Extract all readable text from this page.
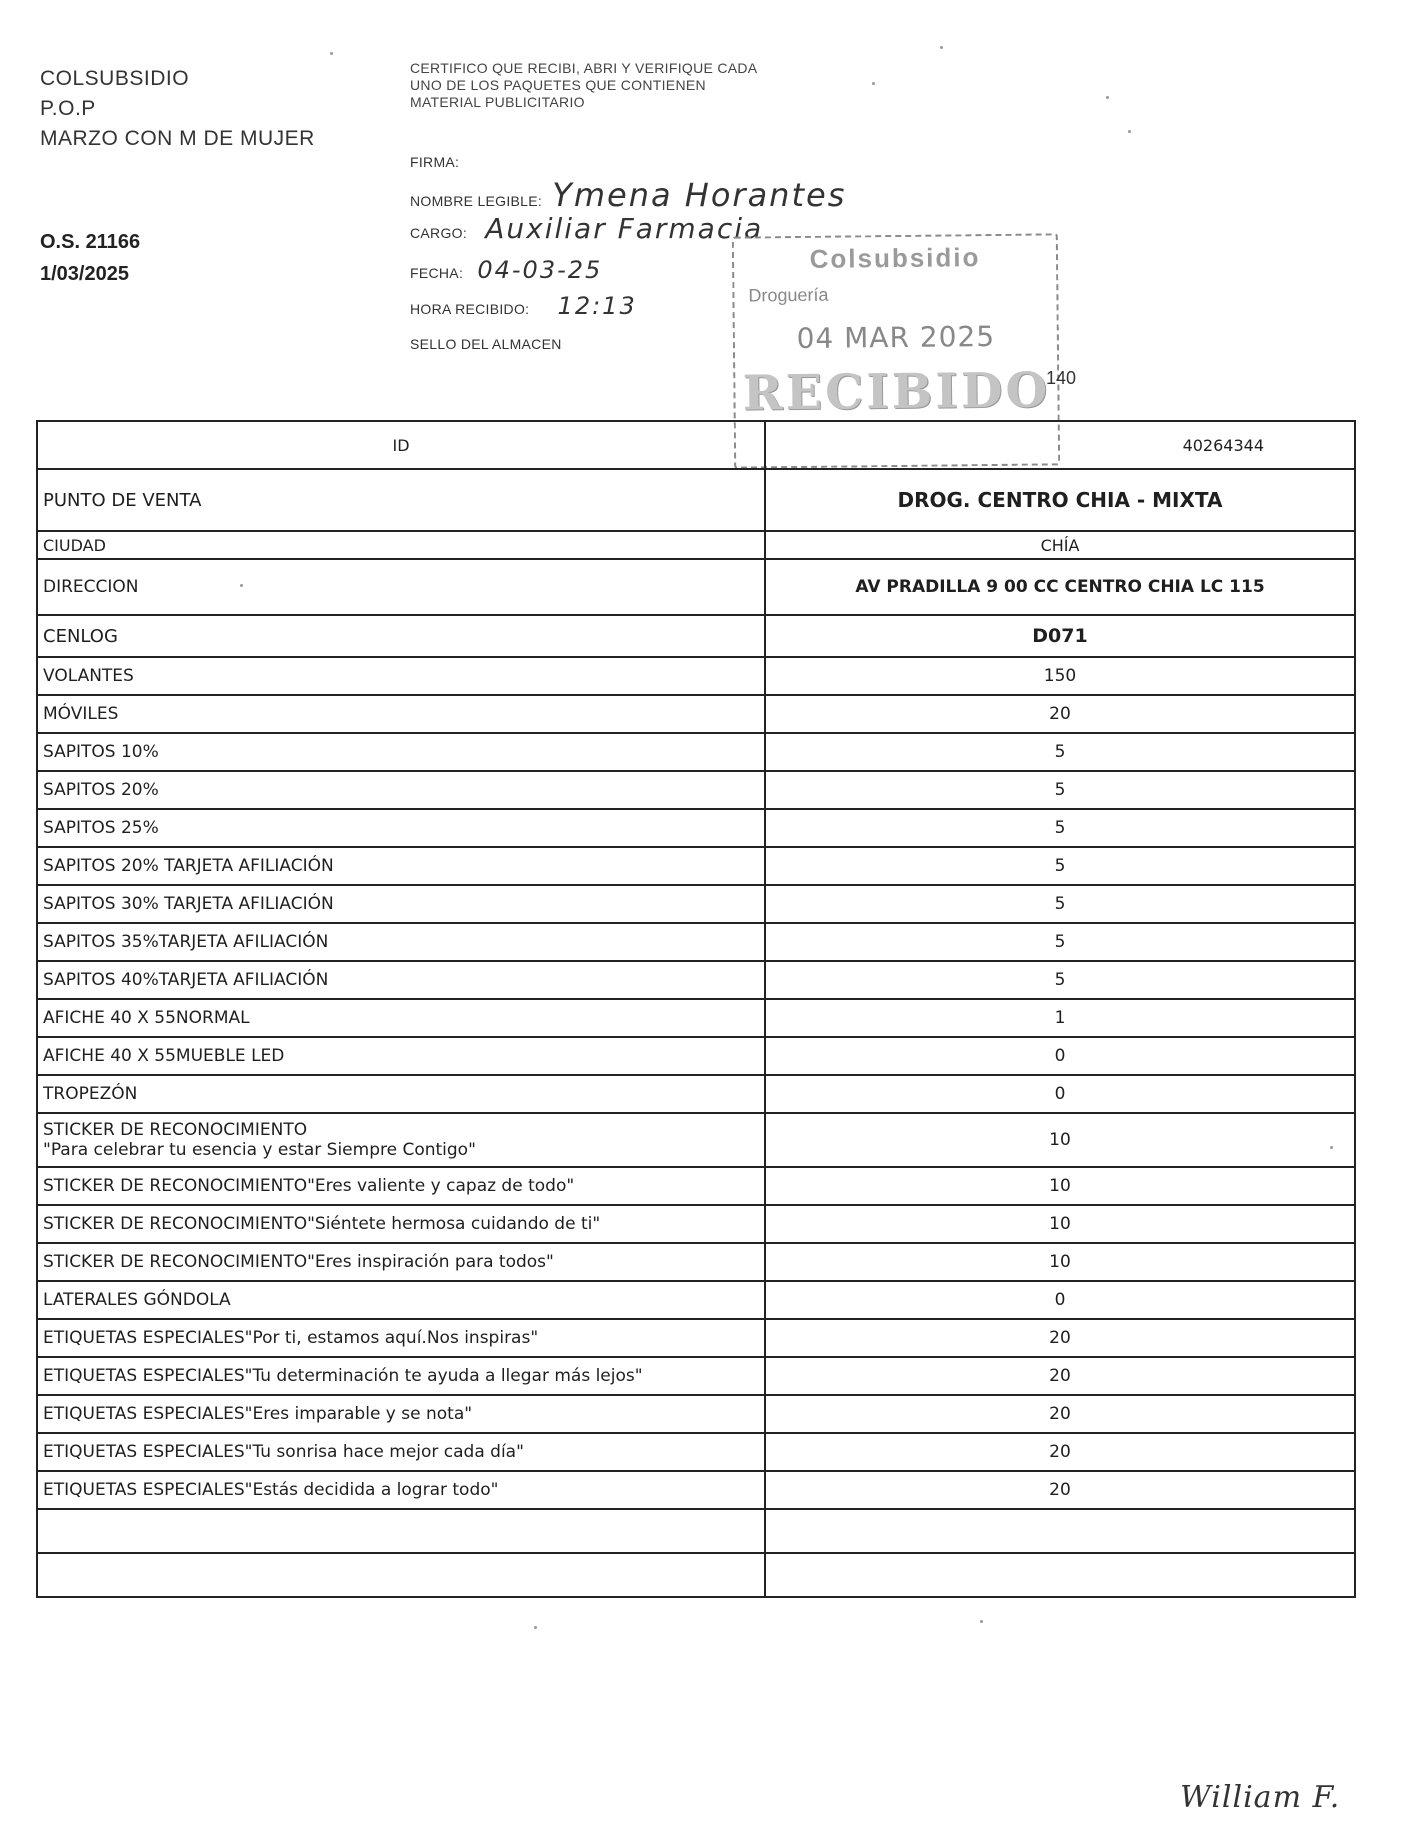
COLSUBSIDIO
P.O.P
MARZO CON M DE MUJER
O.S. 21166
1/03/2025
CERTIFICO QUE RECIBI, ABRI Y VERIFIQUE CADA UNO DE LOS PAQUETES QUE CONTIENEN MATERIAL PUBLICITARIO
FIRMA:
NOMBRE LEGIBLE: Ymena Horantes
CARGO: Auxiliar Farmacia
FECHA: 04-03-25
HORA RECIBIDO: 12:13
SELLO DEL ALMACEN
Colsubsidio
Droguería
04 MAR 2025
RECIBIDO
140
ID	40264344
PUNTO DE VENTA	DROG. CENTRO CHIA - MIXTA
CIUDAD	CHÍA
DIRECCION	AV PRADILLA 9 00 CC CENTRO CHIA LC 115
CENLOG	D071

VOLANTES	150

MÓVILES	20

SAPITOS 10%	5

SAPITOS 20%	5

SAPITOS 25%	5

SAPITOS 20% TARJETA AFILIACIÓN	5

SAPITOS 30% TARJETA AFILIACIÓN	5

SAPITOS 35%TARJETA AFILIACIÓN	5

SAPITOS 40%TARJETA AFILIACIÓN	5

AFICHE 40 X 55NORMAL	1

AFICHE 40 X 55MUEBLE LED	0

TROPEZÓN	0

STICKER DE RECONOCIMIENTO
"Para celebrar tu esencia y estar Siempre Contigo"	10

STICKER DE RECONOCIMIENTO"Eres valiente y capaz de todo"	10

STICKER DE RECONOCIMIENTO"Siéntete hermosa cuidando de ti"	10

STICKER DE RECONOCIMIENTO"Eres inspiración para todos"	10

LATERALES GÓNDOLA	0

ETIQUETAS ESPECIALES"Por ti, estamos aquí.Nos inspiras"	20

ETIQUETAS ESPECIALES"Tu determinación te ayuda a llegar más lejos"	20

ETIQUETAS ESPECIALES"Eres imparable y se nota"	20

ETIQUETAS ESPECIALES"Tu sonrisa hace mejor cada día"	20

ETIQUETAS ESPECIALES"Estás decidida a lograr todo"	20

William F.
